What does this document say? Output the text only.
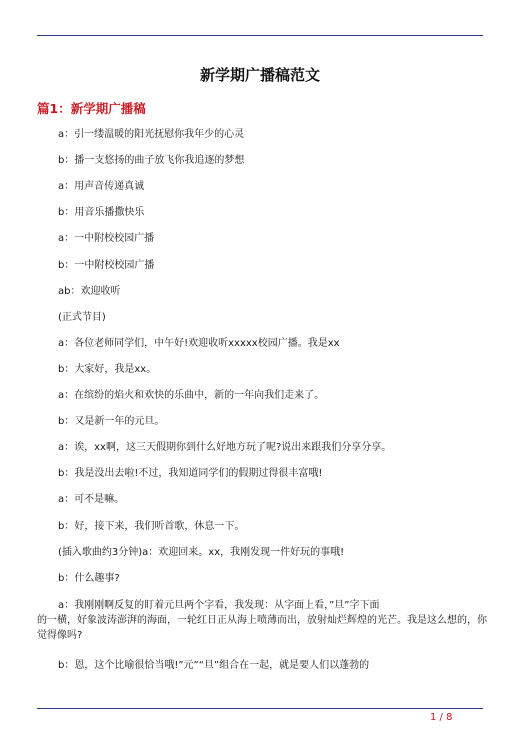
新学期广播稿范文
篇1：新学期广播稿
a：引一缕温暖的阳光抚慰你我年少的心灵
b：播一支悠扬的曲子放飞你我追逐的梦想
a：用声音传递真诚
b：用音乐播撒快乐
a：一中附校校园广播
b：一中附校校园广播
ab：欢迎收听
(正式节目)
a：各位老师同学们，中午好!欢迎收听xxxxx校园广播。我是xx
b：大家好，我是xx。
a：在缤纷的焰火和欢快的乐曲中，新的一年向我们走来了。
b：又是新一年的元旦。
a：诶，xx啊，这三天假期你到什么好地方玩了呢?说出来跟我们分享分享。
b：我是没出去啦!不过，我知道同学们的假期过得很丰富哦!
a：可不是嘛。
b：好，接下来，我们听首歌，休息一下。
(插入歌曲约3分钟)a：欢迎回来。xx，我刚发现一件好玩的事哦!
b：什么趣事?
a：我刚刚啊反复的盯着元旦两个字看，我发现：从字面上看，”旦”字下面
的一横，好象波涛澎湃的海面，一轮红日正从海上喷薄而出，放射灿烂辉煌的光芒。我是这么想的，你觉得像吗?
b：恩，这个比喻很恰当哦!”元”“旦”组合在一起，就是要人们以蓬勃的
1 / 8
